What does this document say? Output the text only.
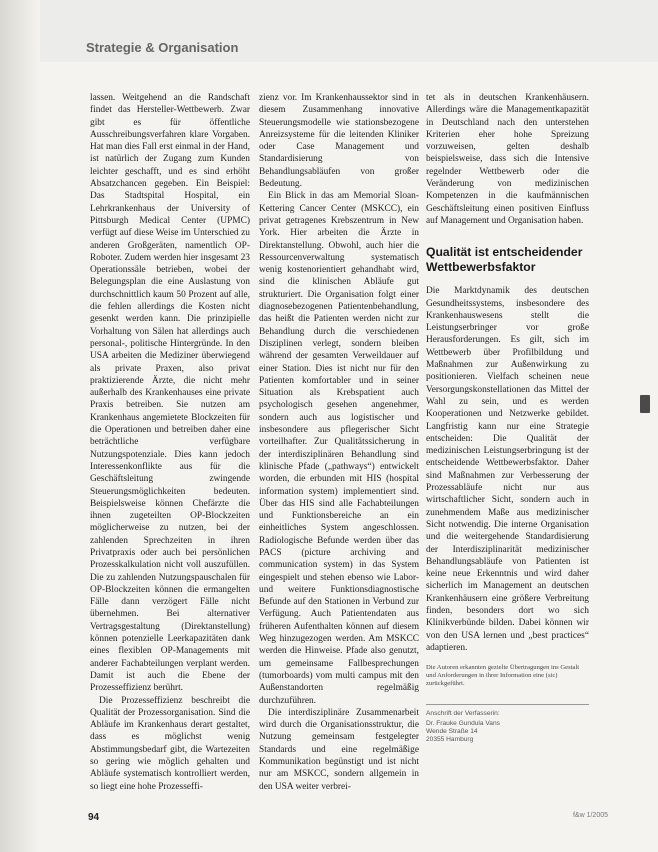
Strategie & Organisation

lassen. Weitgehend an die Randschaft findet das Hersteller-Wettbewerb. Zwar gibt es für öffentliche Ausschreibungsverfahren klare Vorgaben. Hat man dies Fall erst einmal in der Hand, ist natürlich der Zugang zum Kunden leichter geschafft, und es sind erhöht Absatzchancen gegeben. Ein Beispiel: Das Stadtspital Hospital, ein Lehrkrankenhaus der University of Pittsburgh Medical Center (UPMC) verfügt auf diese Weise im Unterschied zu anderen Großgeräten, namentlich OP-Roboter. Zudem werden hier insgesamt 23 Operationssäle betrieben, wobei der Belegungsplan die eine Auslastung von durchschnittlich kaum 50 Prozent auf alle, die fehlen allerdings die Kosten nicht gesenkt werden kann. Die prinzipielle Vorhaltung von Sälen hat allerdings auch personal-, politische Hintergründe. In den USA arbeiten die Mediziner überwiegend als private Praxen, also privat praktizierende Ärzte, die nicht mehr außerhalb des Krankenhauses eine private Praxis betreiben. Sie nutzen am Krankenhaus angemietete Blockzeiten für die Operationen und betreiben daher eine beträchtliche verfügbare Nutzungspotenziale. Dies kann jedoch Interessenkonflikte aus für die Geschäftsleitung zwingende Steuerungsmöglichkeiten bedeuten. Beispielsweise können Chefärzte die ihnen zugeteilten OP-Blockzeiten möglicherweise zu nutzen, bei der zahlenden Sprechzeiten in ihren Privatpraxis oder auch bei persönlichen Prozesskalkulation nicht voll auszufüllen. Die zu zahlenden Nutzungspauschalen für OP-Blockzeiten können die ermangelten Fälle dann verzögert Fälle nicht übernehmen. Bei alternativer Vertragsgestaltung (Direktanstellung) können potenzielle Leerkapazitäten dank eines flexiblen OP-Managements mit anderer Fachabteilungen verplant werden. Damit ist auch die Ebene der Prozesseffizienz berührt.

Die Prozesseffizienz beschreibt die Qualität der Prozessorganisation. Sind die Abläufe im Krankenhaus derart gestaltet, dass es möglichst wenig Abstimmungsbedarf gibt, die Wartezeiten so gering wie möglich gehalten und Abläufe systematisch kontrolliert werden, so liegt eine hohe Prozesseffi-

zienz vor. Im Krankenhaussektor sind in diesem Zusammenhang innovative Steuerungsmodelle wie stationsbezogene Anreizsysteme für die leitenden Kliniker oder Case Management und Standardisierung von Behandlungsabläufen von großer Bedeutung.

Ein Blick in das am Memorial Sloan-Kettering Cancer Center (MSKCC), ein privat getragenes Krebszentrum in New York. Hier arbeiten die Ärzte in Direktanstellung. Obwohl, auch hier die Ressourcenverwaltung systematisch wenig kostenorientiert gehandhabt wird, sind die klinischen Abläufe gut strukturiert. Die Organisation folgt einer diagnosebezogenen Patientenbehandlung, das heißt die Patienten werden nicht zur Behandlung durch die verschiedenen Disziplinen verlegt, sondern bleiben während der gesamten Verweildauer auf einer Station. Dies ist nicht nur für den Patienten komfortabler und in seiner Situation als Krebspatient auch psychologisch gesehen angenehmer, sondern auch aus logistischer und insbesondere aus pflegerischer Sicht vorteilhafter. Zur Qualitätssicherung in der interdisziplinären Behandlung sind klinische Pfade („pathways“) entwickelt worden, die erbunden mit HIS (hospital information system) implementiert sind. Über das HIS sind alle Fachabteilungen und Funktionsbereiche an ein einheitliches System angeschlossen. Radiologische Befunde werden über das PACS (picture archiving and communication system) in das System eingespielt und stehen ebenso wie Labor- und weitere Funktionsdiagnostische Befunde auf den Stationen in Verbund zur Verfügung. Auch Patientendaten aus früheren Aufenthalten können auf diesem Weg hinzugezogen werden. Am MSKCC werden die Hinweise. Pfade also genutzt, um gemeinsame Fallbesprechungen (tumorboards) vom multi campus mit den Außenstandorten regelmäßig durchzuführen.

Die interdisziplinäre Zusammenarbeit wird durch die Organisationsstruktur, die Nutzung gemeinsam festgelegter Standards und eine regelmäßige Kommunikation begünstigt und ist nicht nur am MSKCC, sondern allgemein in den USA weiter verbrei-

tet als in deutschen Krankenhäusern. Allerdings wäre die Managementkapazität in Deutschland nach den unterstehen Kriterien eher hohe Spreizung vorzuweisen, gelten deshalb beispielsweise, dass sich die Intensive regelnder Wettbewerb oder die Veränderung von medizinischen Kompetenzen in die kaufmännischen Geschäftsleitung einen positiven Einfluss auf Management und Organisation haben.

Qualität ist entscheidender Wettbewerbsfaktor

Die Marktdynamik des deutschen Gesundheitssystems, insbesondere des Krankenhauswesens stellt die Leistungserbringer vor große Herausforderungen. Es gilt, sich im Wettbewerb über Profilbildung und Maßnahmen zur Außenwirkung zu positionieren. Vielfach scheinen neue Versorgungskonstellationen das Mittel der Wahl zu sein, und es werden Kooperationen und Netzwerke gebildet. Langfristig kann nur eine Strategie entscheiden: Die Qualität der medizinischen Leistungserbringung ist der entscheidende Wettbewerbsfaktor. Daher sind Maßnahmen zur Verbesserung der Prozessabläufe nicht nur aus wirtschaftlicher Sicht, sondern auch in zunehmendem Maße aus medizinischer Sicht notwendig. Die interne Organisation und die weitergehende Standardisierung der Interdisziplinarität medizinischer Behandlungsabläufe von Patienten ist keine neue Erkenntnis und wird daher sicherlich im Management an deutschen Krankenhäusern eine größere Verbreitung finden, besonders dort wo sich Klinikverbünde bilden. Dabei können wir von den USA lernen und „best practices“ adaptieren.

Die Autoren erkannten gezielte Übertragungen ins Gestalt und Anforderungen in ihrer Information eine (sic) zurückgeführt.

Anschrift der Verfasserin:

Dr. Frauke Gundula Vans
Wende Straße 14
20355 Hamburg
94	f&w 1/2005
